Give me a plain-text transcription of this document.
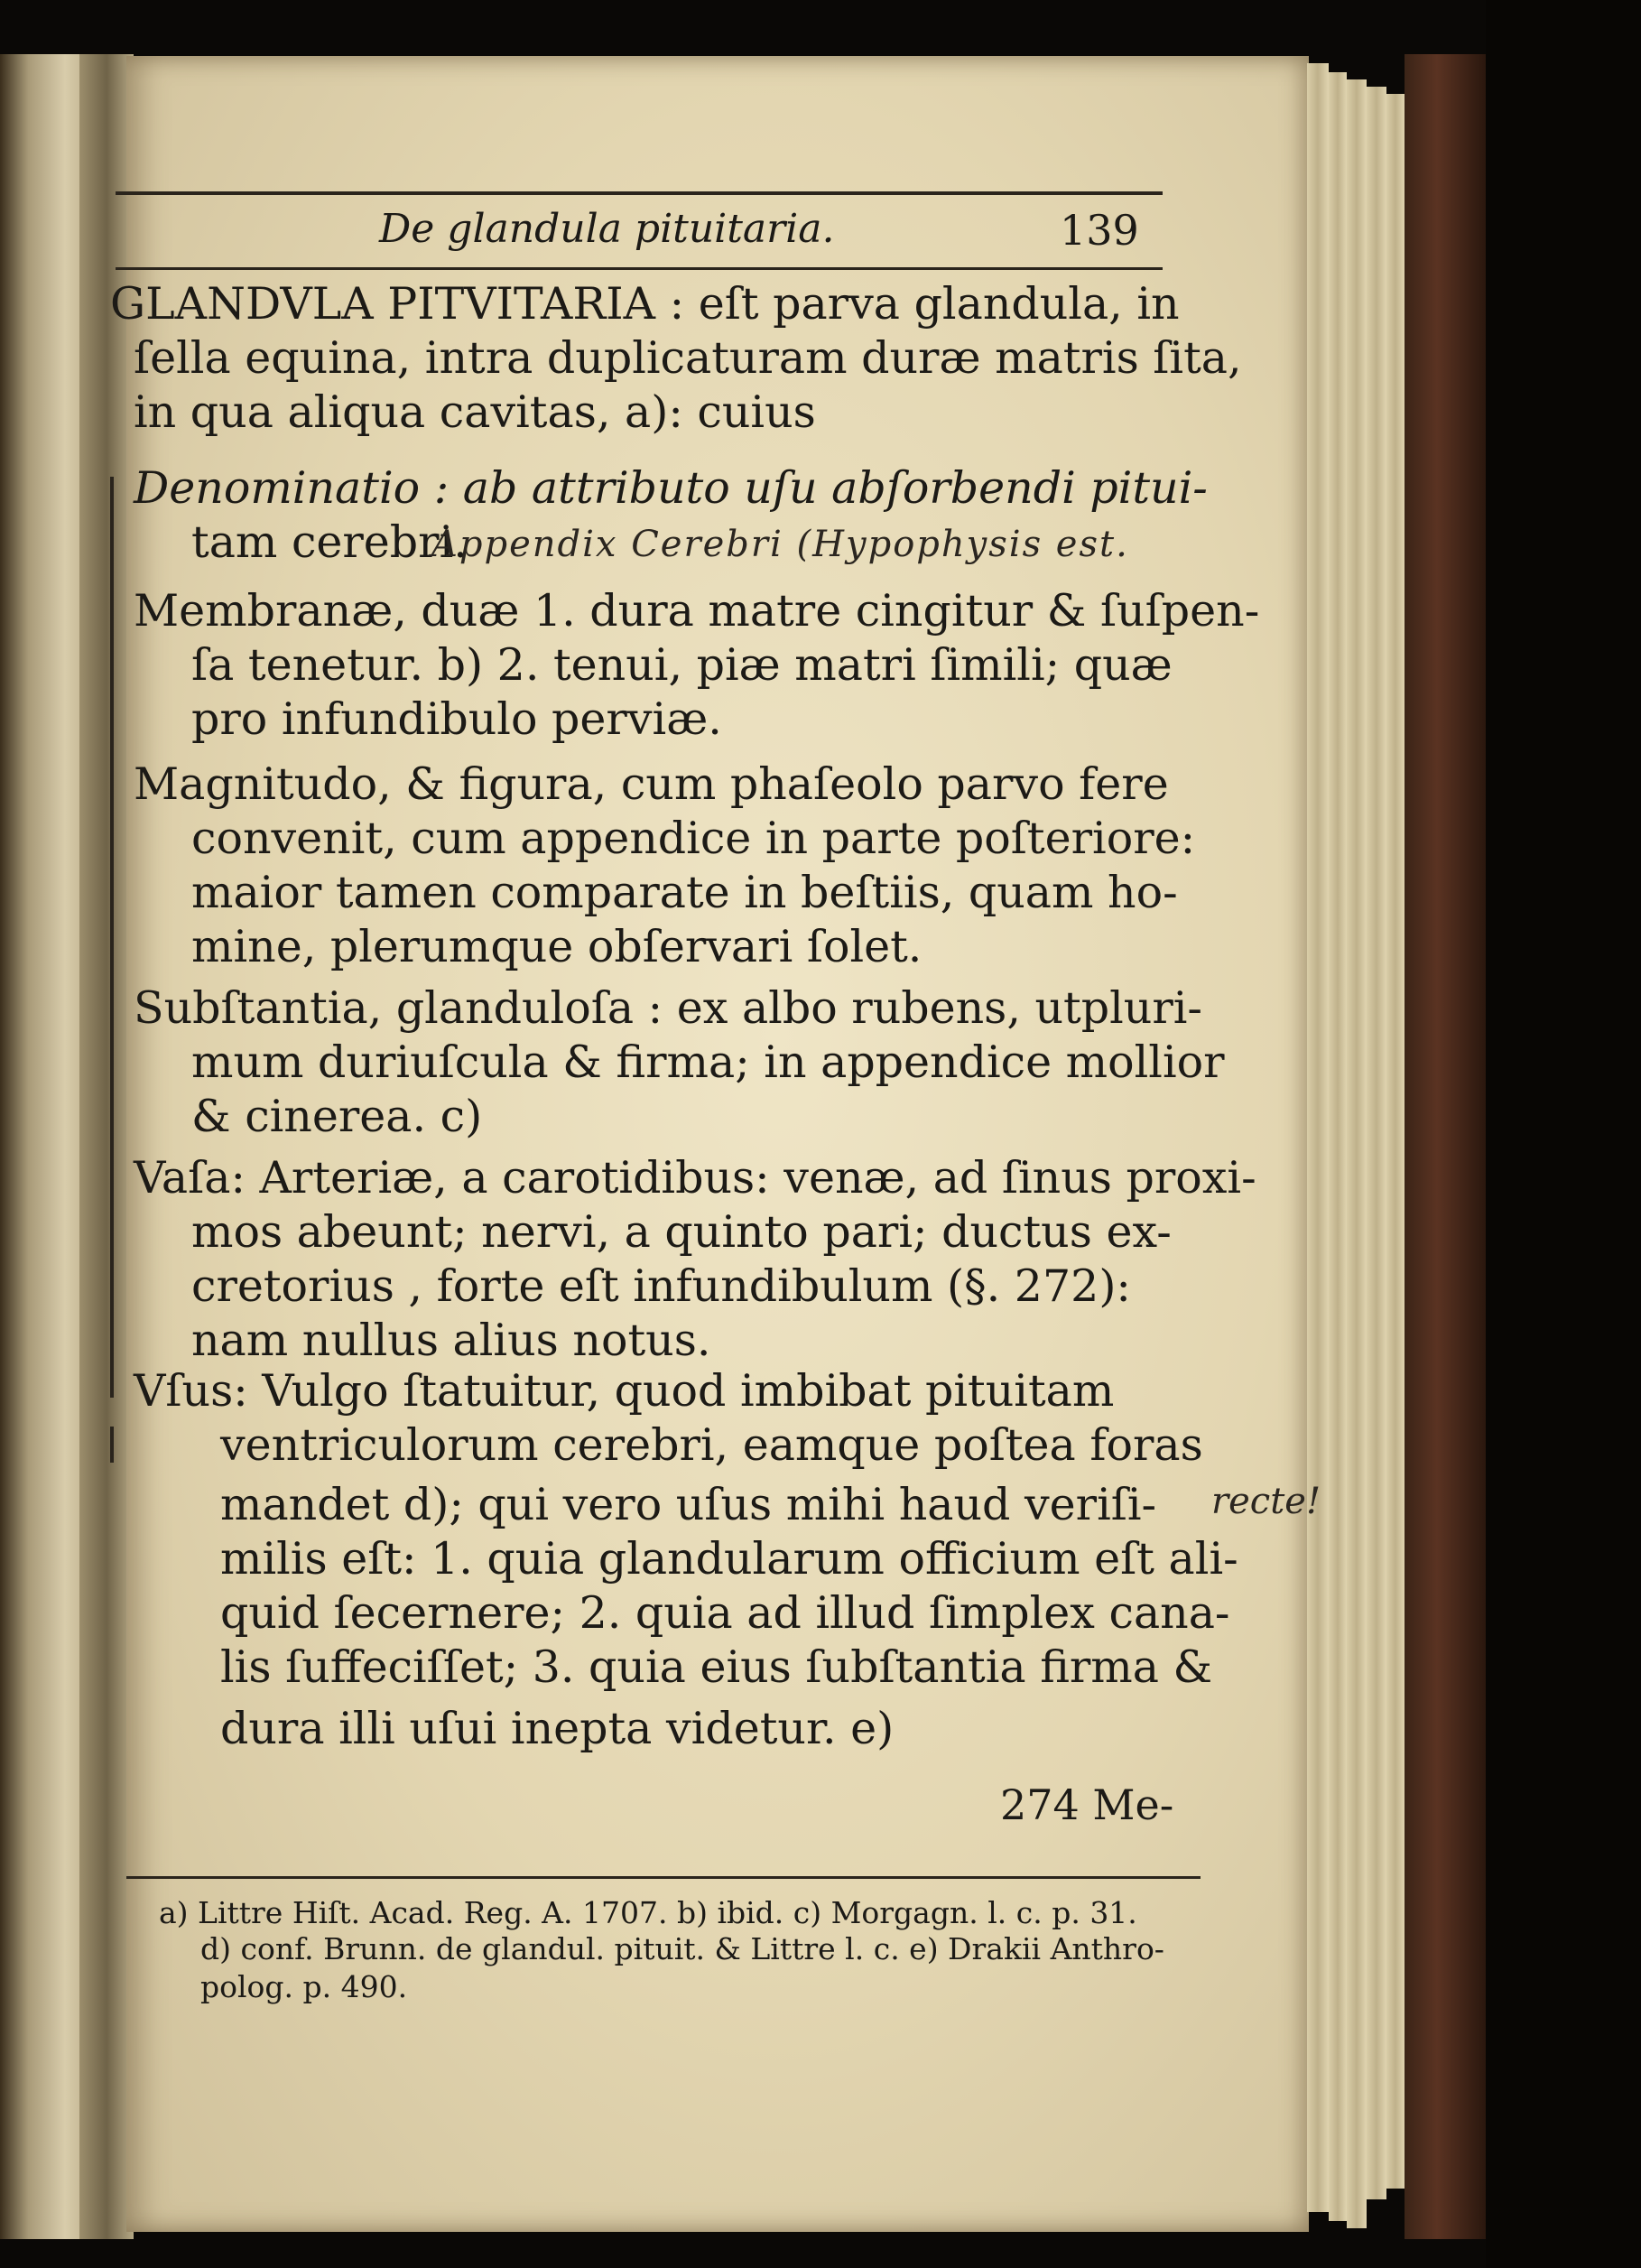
De glandula pituitaria.	139
GLANDVLA PITVITARIA : eſt parva glandula, in
ſella equina, intra duplicaturam duræ matris ſita,
in qua aliqua cavitas, a): cuius
Denominatio : ab attributo uſu abſorbendi pitui-
tam cerebri.
Membranæ, duæ 1. dura matre cingitur & ſuſpen-
ſa tenetur. b) 2. tenui, piæ matri ſimili; quæ
pro infundibulo perviæ.
Magnitudo, & figura, cum phaſeolo parvo fere
convenit, cum appendice in parte poſteriore:
maior tamen comparate in beſtiis, quam ho-
mine, plerumque obſervari ſolet.
Subſtantia, glanduloſa : ex albo rubens, utpluri-
mum duriuſcula & firma; in appendice mollior
& cinerea. c)
Vaſa: Arteriæ, a carotidibus: venæ, ad ſinus proxi-
mos abeunt; nervi, a quinto pari; ductus ex-
cretorius , forte eſt infundibulum (§. 272):
nam nullus alius notus.
Vſus: Vulgo ſtatuitur, quod imbibat pituitam
ventriculorum cerebri, eamque poſtea foras
mandet d); qui vero uſus mihi haud veriſi-
milis eſt: 1. quia glandularum officium eſt ali-
quid ſecernere; 2. quia ad illud ſimplex cana-
lis ſuffeciſſet; 3. quia eius ſubſtantia firma &
dura illi uſui inepta videtur. e)
274 Me-
a) Littre Hiſt. Acad. Reg. A. 1707. b) ibid. c) Morgagn. l. c. p. 31.
d) conf. Brunn. de glandul. pituit. & Littre l. c. e) Drakii Anthro-
polog. p. 490.
Appendix Cerebri (Hypophysis est.
recte!
